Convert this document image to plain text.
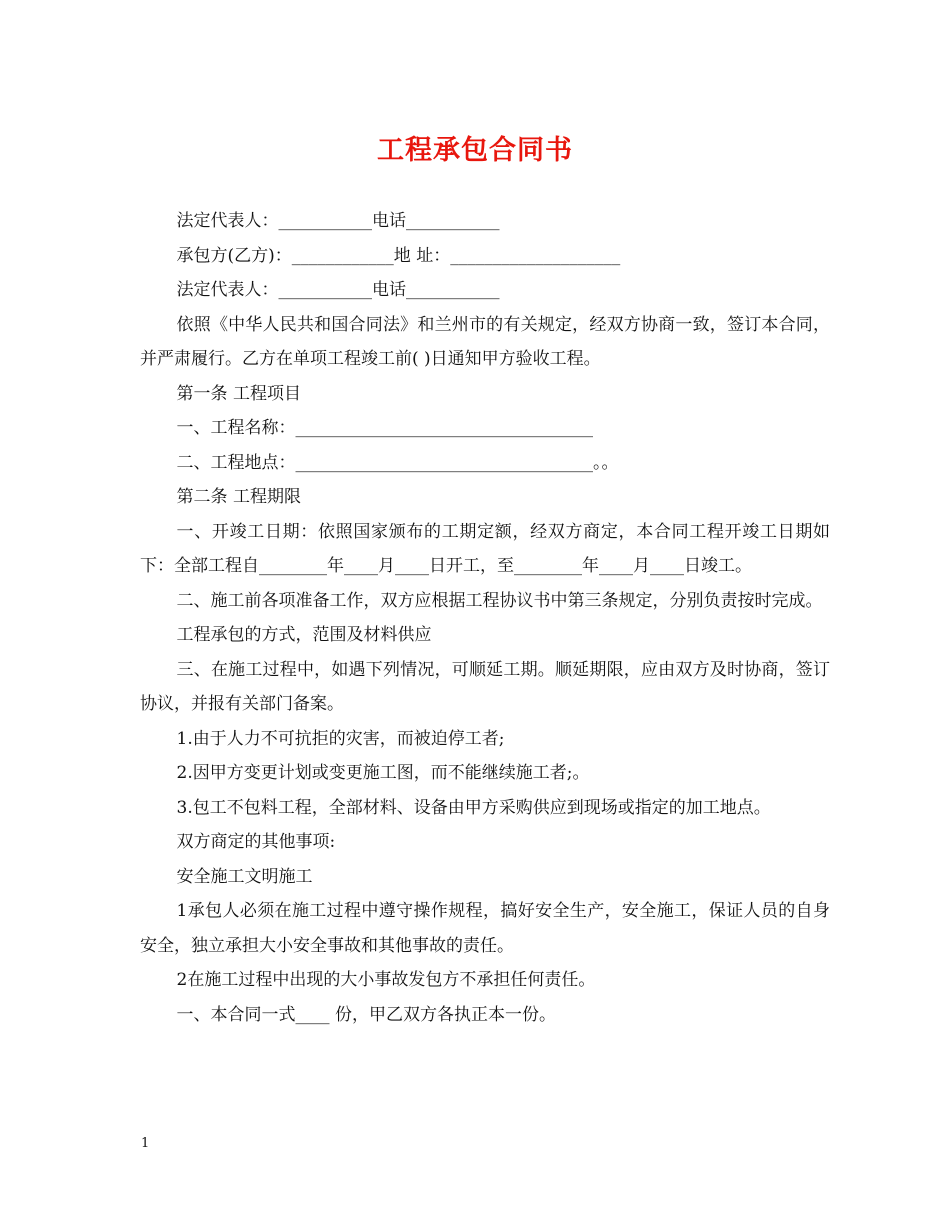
工程承包合同书

法定代表人：___________电话___________

承包方(乙方)：____________地 址：____________________

法定代表人：___________电话___________

依照《中华人民共和国合同法》和兰州市的有关规定，经双方协商一致，签订本合同，并严肃履行。乙方在单项工程竣工前( )日通知甲方验收工程。

第一条 工程项目

一、工程名称：___________________________________

二、工程地点：___________________________________。。

第二条 工程期限

一、开竣工日期：依照国家颁布的工期定额，经双方商定，本合同工程开竣工日期如下：全部工程自________年____月____日开工，至________年____月____日竣工。

二、施工前各项准备工作，双方应根据工程协议书中第三条规定，分别负责按时完成。

工程承包的方式，范围及材料供应

三、在施工过程中，如遇下列情况，可顺延工期。顺延期限，应由双方及时协商，签订协议，并报有关部门备案。

1.由于人力不可抗拒的灾害，而被迫停工者;

2.因甲方变更计划或变更施工图，而不能继续施工者;。

3.包工不包料工程，全部材料、设备由甲方采购供应到现场或指定的加工地点。

双方商定的其他事项:

安全施工文明施工

1承包人必须在施工过程中遵守操作规程，搞好安全生产，安全施工，保证人员的自身安全，独立承担大小安全事故和其他事故的责任。

2在施工过程中出现的大小事故发包方不承担任何责任。

一、本合同一式____ 份，甲乙双方各执正本一份。

1
